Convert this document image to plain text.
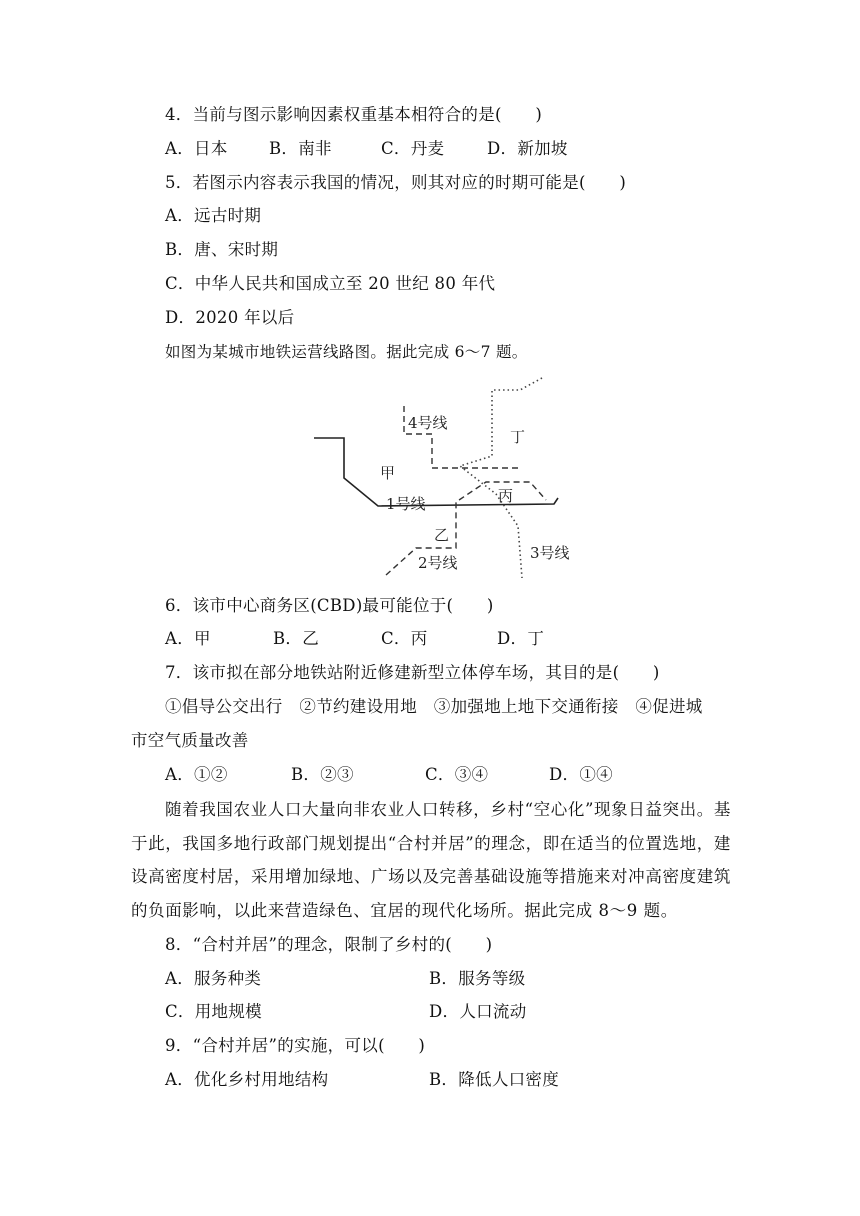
4．当前与图示影响因素权重基本相符合的是(　　)
A．日本	B．南非	C．丹麦	D．新加坡
5．若图示内容表示我国的情况，则其对应的时期可能是(　　)
A．远古时期
B．唐、宋时期
C．中华人民共和国成立至 20 世纪 80 年代
D．2020 年以后
如图为某城市地铁运营线路图。据此完成 6～7 题。
4号线
丁
甲
丙
1号线
乙
3号线
2号线
6．该市中心商务区(CBD)最可能位于(　　)
A．甲	B．乙	C．丙	D．丁
7．该市拟在部分地铁站附近修建新型立体停车场，其目的是(　　)
①倡导公交出行　②节约建设用地　③加强地上地下交通衔接　④促进城
市空气质量改善
A．①②	B．②③	C．③④	D．①④
随着我国农业人口大量向非农业人口转移，乡村“空心化”现象日益突出。基于此，我国多地行政部门规划提出“合村并居”的理念，即在适当的位置选地，建设高密度村居，采用增加绿地、广场以及完善基础设施等措施来对冲高密度建筑的负面影响，以此来营造绿色、宜居的现代化场所。据此完成 8～9 题。
8．“合村并居”的理念，限制了乡村的(　　)
A．服务种类	B．服务等级
C．用地规模	D．人口流动
9．“合村并居”的实施，可以(　　)
A．优化乡村用地结构	B．降低人口密度
